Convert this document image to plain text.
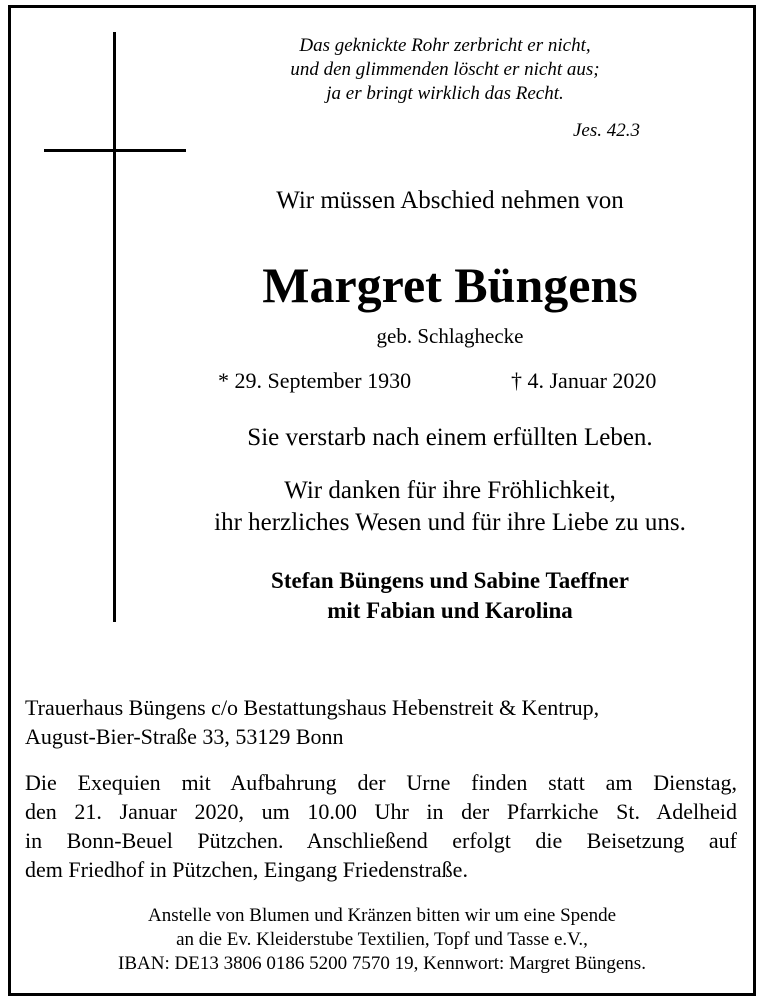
Das geknickte Rohr zerbricht er nicht,
und den glimmenden löscht er nicht aus;
ja er bringt wirklich das Recht.
Jes. 42.3
Wir müssen Abschied nehmen von
Margret Büngens
geb. Schlaghecke
* 29. September 1930	† 4. Januar 2020
Sie verstarb nach einem erfüllten Leben.
Wir danken für ihre Fröhlichkeit,
ihr herzliches Wesen und für ihre Liebe zu uns.
Stefan Büngens und Sabine Taeffner
mit Fabian und Karolina
Trauerhaus Büngens c/o Bestattungshaus Hebenstreit & Kentrup,
August-Bier-Straße 33, 53129 Bonn
Die Exequien mit Aufbahrung der Urne finden statt am Dienstag,
den 21. Januar 2020, um 10.00 Uhr in der Pfarrkiche St. Adelheid
in Bonn-Beuel Pützchen. Anschließend erfolgt die Beisetzung auf
dem Friedhof in Pützchen, Eingang Friedenstraße.
Anstelle von Blumen und Kränzen bitten wir um eine Spende
an die Ev. Kleiderstube Textilien, Topf und Tasse e.V.,
IBAN: DE13 3806 0186 5200 7570 19, Kennwort: Margret Büngens.
